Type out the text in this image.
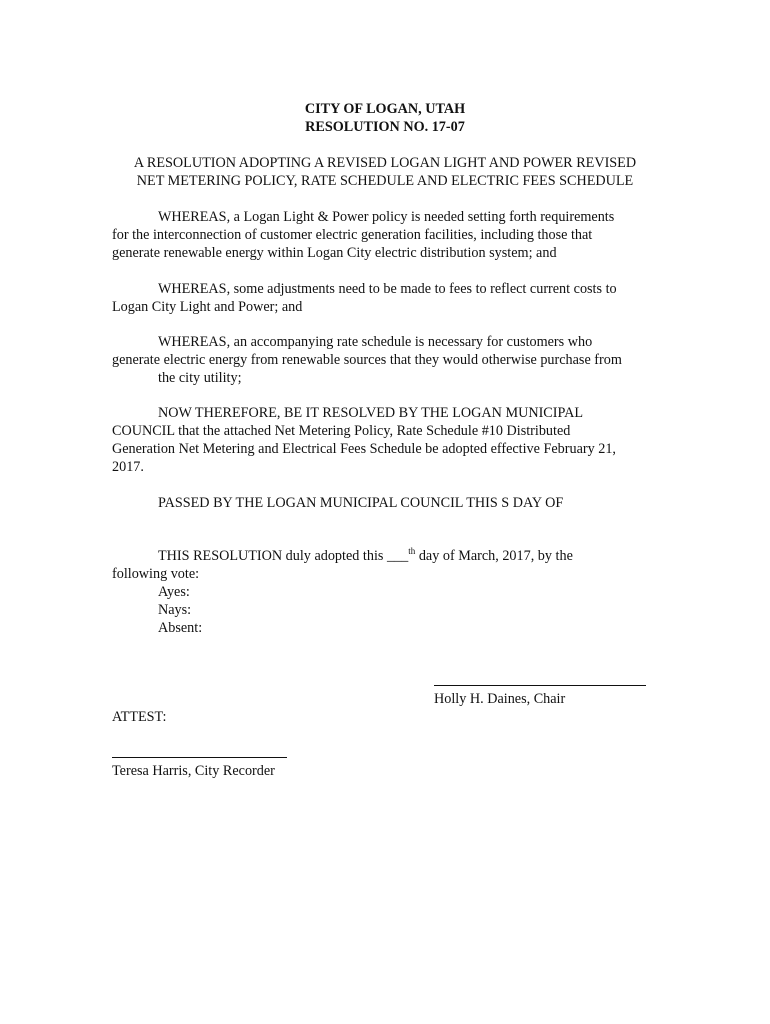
CITY OF LOGAN, UTAH
RESOLUTION NO. 17-07
A RESOLUTION ADOPTING A REVISED LOGAN LIGHT AND POWER REVISED
NET METERING POLICY, RATE SCHEDULE AND ELECTRIC FEES SCHEDULE
WHEREAS, a Logan Light & Power policy is needed setting forth requirements
for the interconnection of customer electric generation facilities, including those that
generate renewable energy within Logan City electric distribution system; and
WHEREAS, some adjustments need to be made to fees to reflect current costs to
Logan City Light and Power; and
WHEREAS, an accompanying rate schedule is necessary for customers who
generate electric energy from renewable sources that they would otherwise purchase from
the city utility;
NOW THEREFORE, BE IT RESOLVED BY THE LOGAN MUNICIPAL
COUNCIL that the attached Net Metering Policy, Rate Schedule #10 Distributed
Generation Net Metering and Electrical Fees Schedule be adopted effective February 21,
2017.
PASSED BY THE LOGAN MUNICIPAL COUNCIL THIS S DAY OF
THIS RESOLUTION duly adopted this ___$^{th}$ day of March, 2017, by the
following vote:
Ayes:
Nays:
Absent:
Holly H. Daines, Chair
ATTEST:
Teresa Harris, City Recorder
